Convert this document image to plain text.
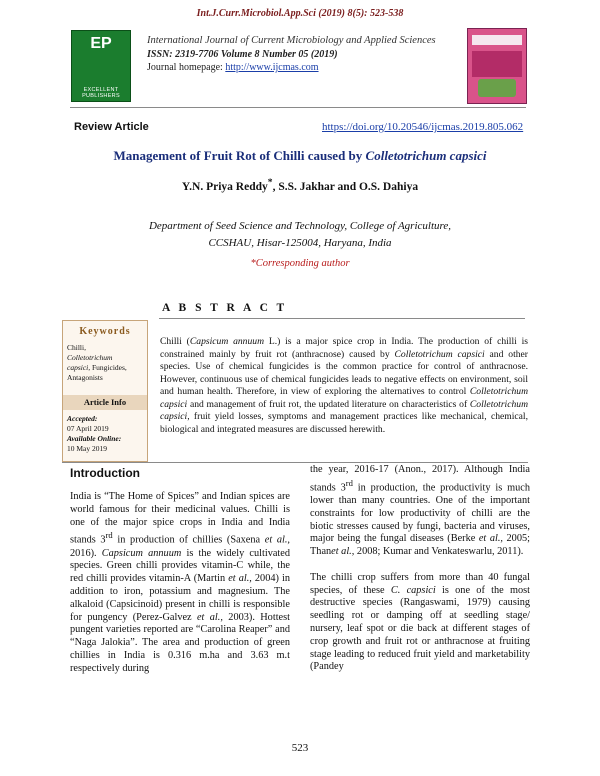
Int.J.Curr.Microbiol.App.Sci (2019) 8(5): 523-538
EP
EXCELLENT PUBLISHERS
International Journal of Current Microbiology and Applied Sciences
ISSN: 2319-7706 Volume 8 Number 05 (2019)
Journal homepage: http://www.ijcmas.com
Review Article	https://doi.org/10.20546/ijcmas.2019.805.062
Management of Fruit Rot of Chilli caused by Colletotrichum capsici
Y.N. Priya Reddy*, S.S. Jakhar and O.S. Dahiya
Department of Seed Science and Technology, College of Agriculture,
CCSHAU, Hisar-125004, Haryana, India
*Corresponding author
A B S T R A C T
Keywords
Chilli,
Colletotrichum
capsici, Fungicides,
Antagonists
Article Info
Accepted:
07 April 2019
Available Online:
10 May 2019
Chilli (Capsicum annuum L.) is a major spice crop in India. The production of chilli is constrained mainly by fruit rot (anthracnose) caused by Colletotrichum capsici and other species. Use of chemical fungicides is the common practice for control of anthracnose. However, continuous use of chemical fungicides leads to negative effects on environment, soil and human health. Therefore, in view of exploring the alternatives to control Colletotrichum capsici and management of fruit rot, the updated literature on characteristics of Colletotrichum capsici, fruit yield losses, symptoms and management practices like mechanical, chemical, biological and integrated measures are discussed herewith.
Introduction

India is “The Home of Spices” and Indian spices are world famous for their medicinal values. Chilli is one of the major spice crops in India and India stands 3rd in production of chillies (Saxena et al., 2016). Capsicum annuum is the widely cultivated species. Green chilli provides vitamin-C while, the red chilli provides vitamin-A (Martin et al., 2004) in addition to iron, potassium and magnesium. The alkaloid (Capsicinoid) present in chilli is responsible for pungency (Perez-Galvez et al., 2003). Hottest pungent varieties reported are “Carolina Reaper” and “Naga Jalokia”. The area and production of green chillies in India is 0.316 m.ha and 3.63 m.t respectively during

the year, 2016-17 (Anon., 2017). Although India stands 3rd in production, the productivity is much lower than many countries. One of the important constraints for low productivity of chilli are the biotic stresses caused by fungi, bacteria and viruses, major being the fungal diseases (Berke et al., 2005; Thanet al., 2008; Kumar and Venkateswarlu, 2011).

The chilli crop suffers from more than 40 fungal species, of these C. capsici is one of the most destructive species (Rangaswami, 1979) causing seedling rot or damping off at seedling stage/ nursery, leaf spot or die back at different stages of crop growth and fruit rot or anthracnose at fruiting stage leading to reduced fruit yield and marketability (Pandey

523
